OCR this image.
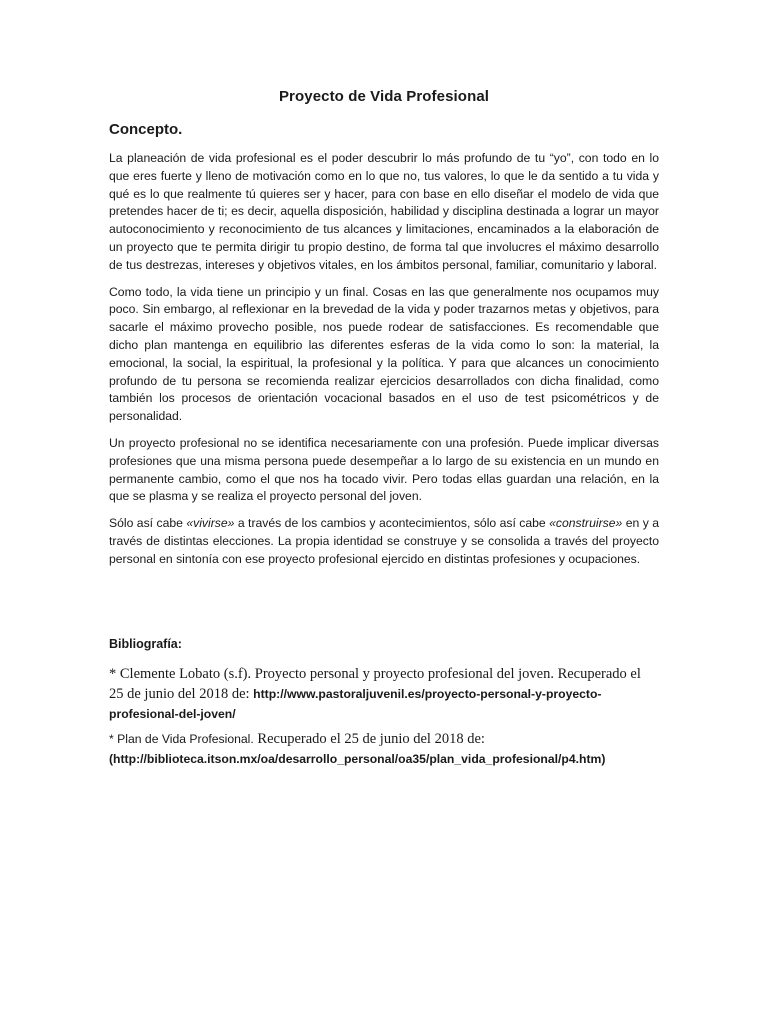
Proyecto de Vida Profesional
Concepto.

La planeación de vida profesional es el poder descubrir lo más profundo de tu “yo”, con todo en lo que eres fuerte y lleno de motivación como en lo que no, tus valores, lo que le da sentido a tu vida y qué es lo que realmente tú quieres ser y hacer, para con base en ello diseñar el modelo de vida que pretendes hacer de ti; es decir, aquella disposición, habilidad y disciplina destinada a lograr un mayor autoconocimiento y reconocimiento de tus alcances y limitaciones, encaminados a la elaboración de un proyecto que te permita dirigir tu propio destino, de forma tal que involucres el máximo desarrollo de tus destrezas, intereses y objetivos vitales, en los ámbitos personal, familiar, comunitario y laboral.

Como todo, la vida tiene un principio y un final. Cosas en las que generalmente nos ocupamos muy poco. Sin embargo, al reflexionar en la brevedad de la vida y poder trazarnos metas y objetivos, para sacarle el máximo provecho posible, nos puede rodear de satisfacciones. Es recomendable que dicho plan mantenga en equilibrio las diferentes esferas de la vida como lo son: la material, la emocional, la social, la espiritual, la profesional y la política. Y para que alcances un conocimiento profundo de tu persona se recomienda realizar ejercicios desarrollados con dicha finalidad, como también los procesos de orientación vocacional basados en el uso de test psicométricos y de personalidad.

Un proyecto profesional no se identifica necesariamente con una profesión. Puede implicar diversas profesiones que una misma persona puede desempeñar a lo largo de su existencia en un mundo en permanente cambio, como el que nos ha tocado vivir. Pero todas ellas guardan una relación, en la que se plasma y se realiza el proyecto personal del joven.

Sólo así cabe «vivirse» a través de los cambios y acontecimientos, sólo así cabe «construirse» en y a través de distintas elecciones. La propia identidad se construye y se consolida a través del proyecto personal en sintonía con ese proyecto profesional ejercido en distintas profesiones y ocupaciones.

Bibliografía:
* Clemente Lobato (s.f). Proyecto personal y proyecto profesional del joven. Recuperado el 25 de junio del 2018 de: http://www.pastoraljuvenil.es/proyecto-personal-y-proyecto-profesional-del-joven/
* Plan de Vida Profesional. Recuperado el 25 de junio del 2018 de: (http://biblioteca.itson.mx/oa/desarrollo_personal/oa35/plan_vida_profesional/p4.htm)
